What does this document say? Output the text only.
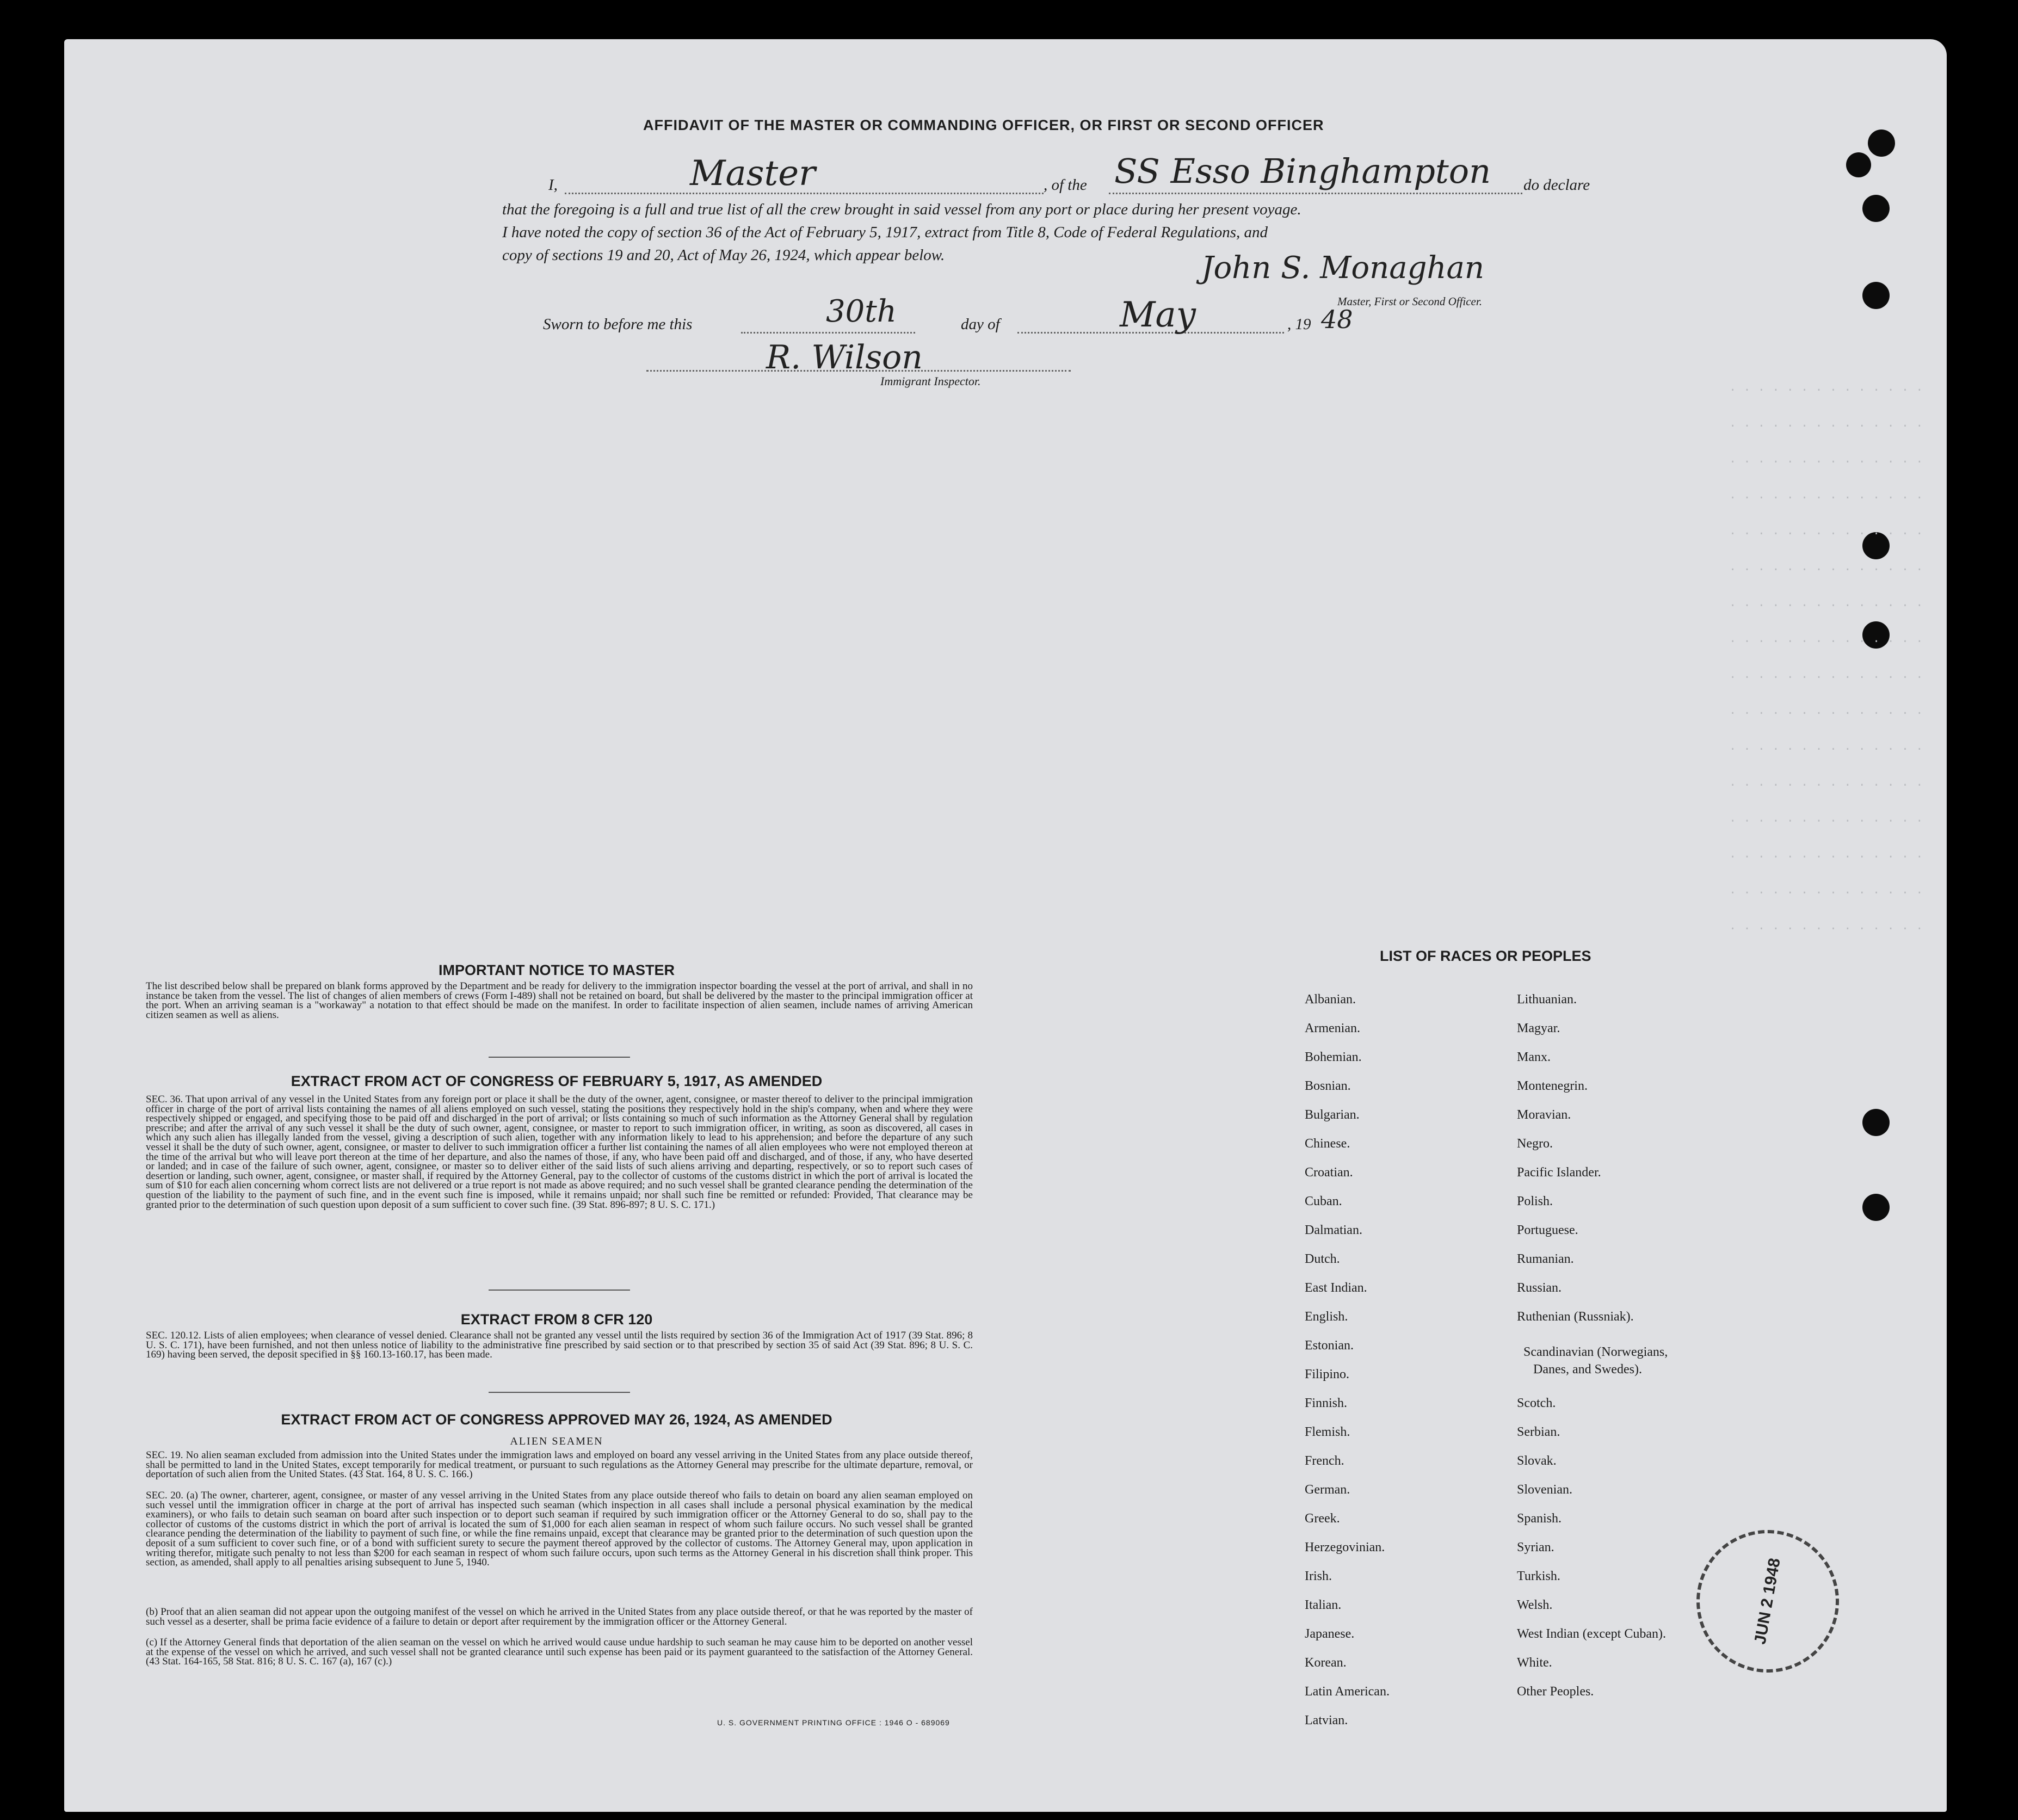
. . . . . . . . . . . . . .
. . . . . . . . . . . . . .
. . . . . . . . . . . . . .
. . . . . . . . . . . . . .
. . . . . . . . . . . . . .
. . . . . . . . . . . . . .
. . . . . . . . . . . . . .
. . . . . . . . . . . . . .
. . . . . . . . . . . . . .
. . . . . . . . . . . . . .
. . . . . . . . . . . . . .
. . . . . . . . . . . . . .
. . . . . . . . . . . . . .
. . . . . . . . . . . . . .
. . . . . . . . . . . . . .
. . . . . . . . . . . . . .
AFFIDAVIT OF THE MASTER OR COMMANDING OFFICER, OR FIRST OR SECOND OFFICER
I,	Master	, of the SS Esso Binghampton do declare
that the foregoing is a full and true list of all the crew brought in said vessel from any port or place during her present voyage.
I have noted the copy of section 36 of the Act of February 5, 1917, extract from Title 8, Code of Federal Regulations, and
copy of sections 19 and 20, Act of May 26, 1924, which appear below.	John S. Monaghan
Master, First or Second Officer.
Sworn to before me this	30th	day of	May	, 19 48
R. Wilson
Immigrant Inspector.
IMPORTANT NOTICE TO MASTER

The list described below shall be prepared on blank forms approved by the Department and be ready for delivery to the immigration inspector boarding the vessel at the port of arrival, and shall in no instance be taken from the vessel. The list of changes of alien members of crews (Form I-489) shall not be retained on board, but shall be delivered by the master to the principal immigration officer at the port. When an arriving seaman is a "workaway" a notation to that effect should be made on the manifest. In order to facilitate inspection of alien seamen, include names of arriving American citizen seamen as well as aliens.

EXTRACT FROM ACT OF CONGRESS OF FEBRUARY 5, 1917, AS AMENDED

SEC. 36. That upon arrival of any vessel in the United States from any foreign port or place it shall be the duty of the owner, agent, consignee, or master thereof to deliver to the principal immigration officer in charge of the port of arrival lists containing the names of all aliens employed on such vessel, stating the positions they respectively hold in the ship's company, when and where they were respectively shipped or engaged, and specifying those to be paid off and discharged in the port of arrival; or lists containing so much of such information as the Attorney General shall by regulation prescribe; and after the arrival of any such vessel it shall be the duty of such owner, agent, consignee, or master to report to such immigration officer, in writing, as soon as discovered, all cases in which any such alien has illegally landed from the vessel, giving a description of such alien, together with any information likely to lead to his apprehension; and before the departure of any such vessel it shall be the duty of such owner, agent, consignee, or master to deliver to such immigration officer a further list containing the names of all alien employees who were not employed thereon at the time of the arrival but who will leave port thereon at the time of her departure, and also the names of those, if any, who have been paid off and discharged, and of those, if any, who have deserted or landed; and in case of the failure of such owner, agent, consignee, or master so to deliver either of the said lists of such aliens arriving and departing, respectively, or so to report such cases of desertion or landing, such owner, agent, consignee, or master shall, if required by the Attorney General, pay to the collector of customs of the customs district in which the port of arrival is located the sum of $10 for each alien concerning whom correct lists are not delivered or a true report is not made as above required; and no such vessel shall be granted clearance pending the determination of the question of the liability to the payment of such fine, and in the event such fine is imposed, while it remains unpaid; nor shall such fine be remitted or refunded: Provided, That clearance may be granted prior to the determination of such question upon deposit of a sum sufficient to cover such fine. (39 Stat. 896-897; 8 U. S. C. 171.)

EXTRACT FROM 8 CFR 120

SEC. 120.12. Lists of alien employees; when clearance of vessel denied. Clearance shall not be granted any vessel until the lists required by section 36 of the Immigration Act of 1917 (39 Stat. 896; 8 U. S. C. 171), have been furnished, and not then unless notice of liability to the administrative fine prescribed by said section or to that prescribed by section 35 of said Act (39 Stat. 896; 8 U. S. C. 169) having been served, the deposit specified in §§ 160.13-160.17, has been made.

EXTRACT FROM ACT OF CONGRESS APPROVED MAY 26, 1924, AS AMENDED
ALIEN SEAMEN

SEC. 19. No alien seaman excluded from admission into the United States under the immigration laws and employed on board any vessel arriving in the United States from any place outside thereof, shall be permitted to land in the United States, except temporarily for medical treatment, or pursuant to such regulations as the Attorney General may prescribe for the ultimate departure, removal, or deportation of such alien from the United States. (43 Stat. 164, 8 U. S. C. 166.)

SEC. 20. (a) The owner, charterer, agent, consignee, or master of any vessel arriving in the United States from any place outside thereof who fails to detain on board any alien seaman employed on such vessel until the immigration officer in charge at the port of arrival has inspected such seaman (which inspection in all cases shall include a personal physical examination by the medical examiners), or who fails to detain such seaman on board after such inspection or to deport such seaman if required by such immigration officer or the Attorney General to do so, shall pay to the collector of customs of the customs district in which the port of arrival is located the sum of $1,000 for each alien seaman in respect of whom such failure occurs. No such vessel shall be granted clearance pending the determination of the liability to payment of such fine, or while the fine remains unpaid, except that clearance may be granted prior to the determination of such question upon the deposit of a sum sufficient to cover such fine, or of a bond with sufficient surety to secure the payment thereof approved by the collector of customs. The Attorney General may, upon application in writing therefor, mitigate such penalty to not less than $200 for each seaman in respect of whom such failure occurs, upon such terms as the Attorney General in his discretion shall think proper. This section, as amended, shall apply to all penalties arising subsequent to June 5, 1940.

(b) Proof that an alien seaman did not appear upon the outgoing manifest of the vessel on which he arrived in the United States from any place outside thereof, or that he was reported by the master of such vessel as a deserter, shall be prima facie evidence of a failure to detain or deport after requirement by the immigration officer or the Attorney General.

(c) If the Attorney General finds that deportation of the alien seaman on the vessel on which he arrived would cause undue hardship to such seaman he may cause him to be deported on another vessel at the expense of the vessel on which he arrived, and such vessel shall not be granted clearance until such expense has been paid or its payment guaranteed to the satisfaction of the Attorney General. (43 Stat. 164-165, 58 Stat. 816; 8 U. S. C. 167 (a), 167 (c).)

U. S. GOVERNMENT PRINTING OFFICE : 1946 O - 689069
LIST OF RACES OR PEOPLES
Albanian.
Armenian.
Bohemian.
Bosnian.
Bulgarian.
Chinese.
Croatian.
Cuban.
Dalmatian.
Dutch.
East Indian.
English.
Estonian.
Filipino.
Finnish.
Flemish.
French.
German.
Greek.
Herzegovinian.
Irish.
Italian.
Japanese.
Korean.
Latin American.
Latvian.
Lithuanian.
Magyar.
Manx.
Montenegrin.
Moravian.
Negro.
Pacific Islander.
Polish.
Portuguese.
Rumanian.
Russian.
Ruthenian (Russniak).
Scandinavian (Norwegians,
Danes, and Swedes).
Scotch.
Serbian.
Slovak.
Slovenian.
Spanish.
Syrian.
Turkish.
Welsh.
West Indian (except Cuban).
White.
Other Peoples.
JUN 2 1948
